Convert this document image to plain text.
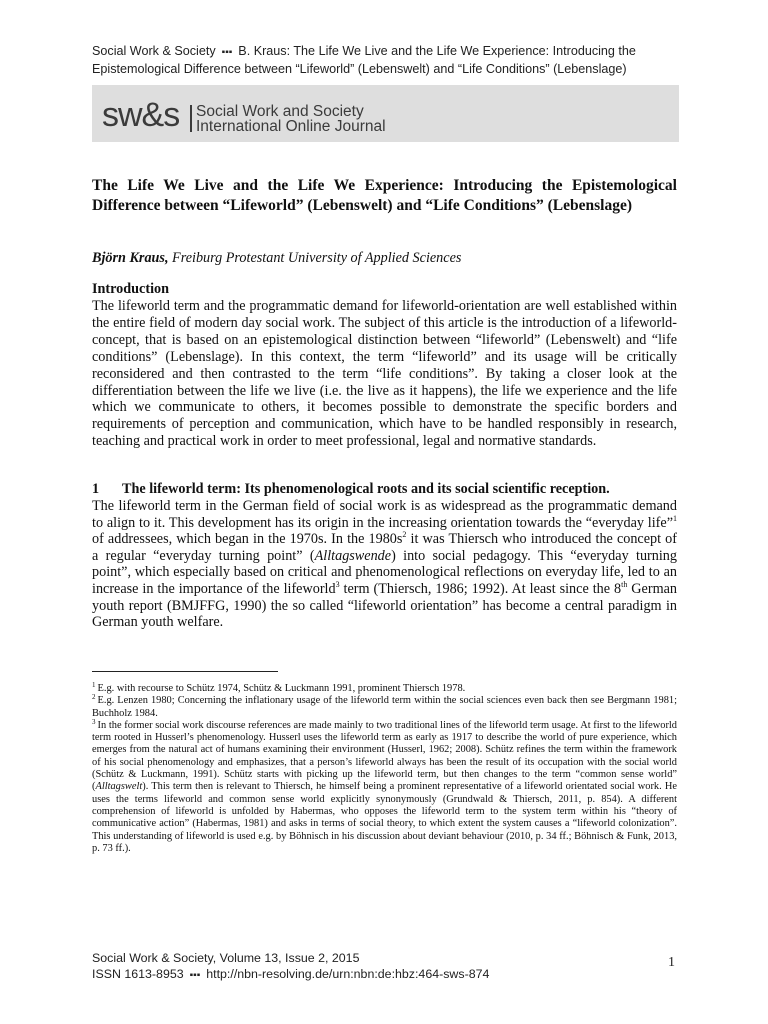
Social Work & Society ▪▪▪ B. Kraus: The Life We Live and the Life We Experience: Introducing the
Epistemological Difference between “Lifeworld” (Lebenswelt) and “Life Conditions” (Lebenslage)
sw&s Social Work and Society
International Online Journal
The Life We Live and the Life We Experience: Introducing the Epistemological Difference between “Lifeworld” (Lebenswelt) and “Life Conditions” (Lebenslage)
Björn Kraus, Freiburg Protestant University of Applied Sciences
Introduction
The lifeworld term and the programmatic demand for lifeworld-orientation are well established within the entire field of modern day social work. The subject of this article is the introduction of a lifeworld-concept, that is based on an epistemological distinction between “lifeworld” (Lebenswelt) and “life conditions” (Lebenslage). In this context, the term “lifeworld” and its usage will be critically reconsidered and then contrasted to the term “life conditions”. By taking a closer look at the differentiation between the life we live (i.e. the live as it happens), the life we experience and the life which we communicate to others, it becomes possible to demonstrate the specific borders and requirements of perception and communication, which have to be handled responsibly in research, teaching and practical work in order to meet professional, legal and normative standards.
1 The lifeworld term: Its phenomenological roots and its social scientific reception.
The lifeworld term in the German field of social work is as widespread as the programmatic demand to align to it. This development has its origin in the increasing orientation towards the “everyday life”$^1$ of addressees, which began in the 1970s. In the $1980s^2$ it was Thiersch who introduced the concept of a regular “everyday turning point” (Alltagswende) into social pedagogy. This “everyday turning point”, which especially based on critical and phenomenological reflections on everyday life, led to an increase in the importance of the lifeworld$^3$ term (Thiersch, 1986; 1992). At least since the 8th German youth report (BMJFFG, 1990) the so called “lifeworld orientation” has become a central paradigm in German youth welfare.

$^1$ E.g. with recourse to Schütz 1974, Schütz & Luckmann 1991, prominent Thiersch 1978.

$^2$ E.g. Lenzen 1980; Concerning the inflationary usage of the lifeworld term within the social sciences even back then see Bergmann 1981; Buchholz 1984.

$^3$ In the former social work discourse references are made mainly to two traditional lines of the lifeworld term usage. At first to the lifeworld term rooted in Husserl’s phenomenology. Husserl uses the lifeworld term as early as 1917 to describe the world of pure experience, which emerges from the natural act of humans examining their environment (Husserl, 1962; 2008). Schütz refines the term within the framework of his social phenomenology and emphasizes, that a person’s lifeworld always has been the result of its occupation with the social world (Schütz & Luckmann, 1991). Schütz starts with picking up the lifeworld term, but then changes to the term “common sense world” (Alltagswelt). This term then is relevant to Thiersch, he himself being a prominent representative of a lifeworld orientated social work. He uses the terms lifeworld and common sense world explicitly synonymously (Grundwald & Thiersch, 2011, p. 854). A different comprehension of lifeworld is unfolded by Habermas, who opposes the lifeworld term to the system term within his “theory of communicative action” (Habermas, 1981) and asks in terms of social theory, to which extent the system causes a “lifeworld colonization”. This understanding of lifeworld is used e.g. by Böhnisch in his discussion about deviant behaviour (2010, p. 34 ff.; Böhnisch & Funk, 2013, p. 73 ff.).

Social Work & Society, Volume 13, Issue 2, 2015
ISSN 1613-8953 ▪▪▪ http://nbn-resolving.de/urn:nbn:de:hbz:464-sws-874
1
